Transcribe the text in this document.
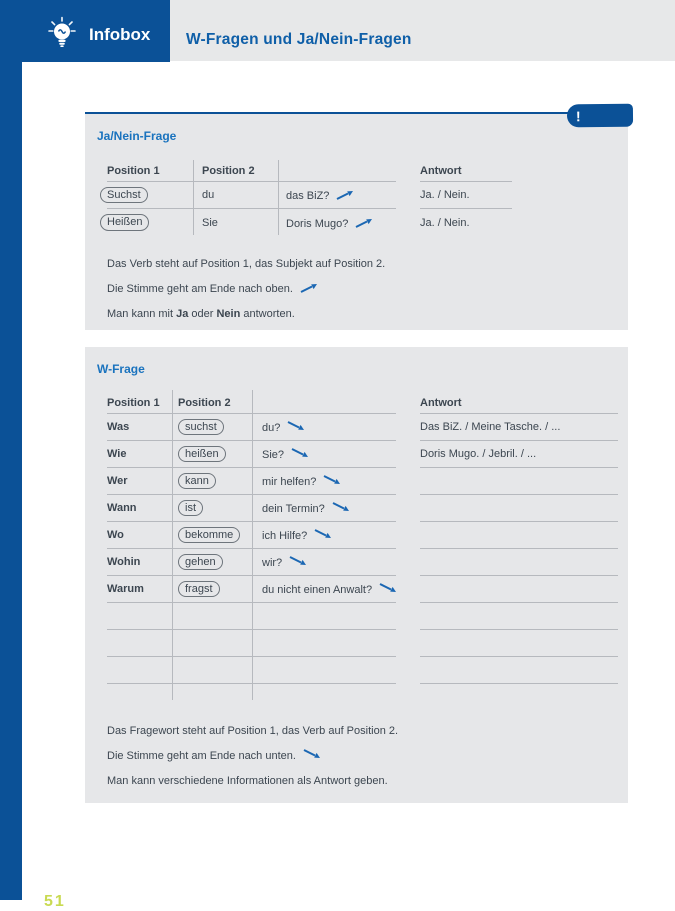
W-Fragen und Ja/Nein-Fragen
Infobox
!
Ja/Nein-Frage
Position 1	Position 2	Antwort
Suchst	du	das BiZ?	Ja. / Nein.
Heißen	Sie	Doris Mugo?	Ja. / Nein.
Das Verb steht auf Position 1, das Subjekt auf Position 2.
Die Stimme geht am Ende nach oben.
Man kann mit Ja oder Nein antworten.
W-Frage
Position 1	Position 2	Antwort
Was	suchst	du?	Das BiZ. / Meine Tasche. / ...
Wie	heißen	Sie?	Doris Mugo. / Jebril. / ...
Wer	kann	mir helfen?
Wann	ist	dein Termin?
Wo	bekomme	ich Hilfe?
Wohin	gehen	wir?
Warum	fragst	du nicht einen Anwalt?
Das Fragewort steht auf Position 1, das Verb auf Position 2.
Die Stimme geht am Ende nach unten.
Man kann verschiedene Informationen als Antwort geben.
51
